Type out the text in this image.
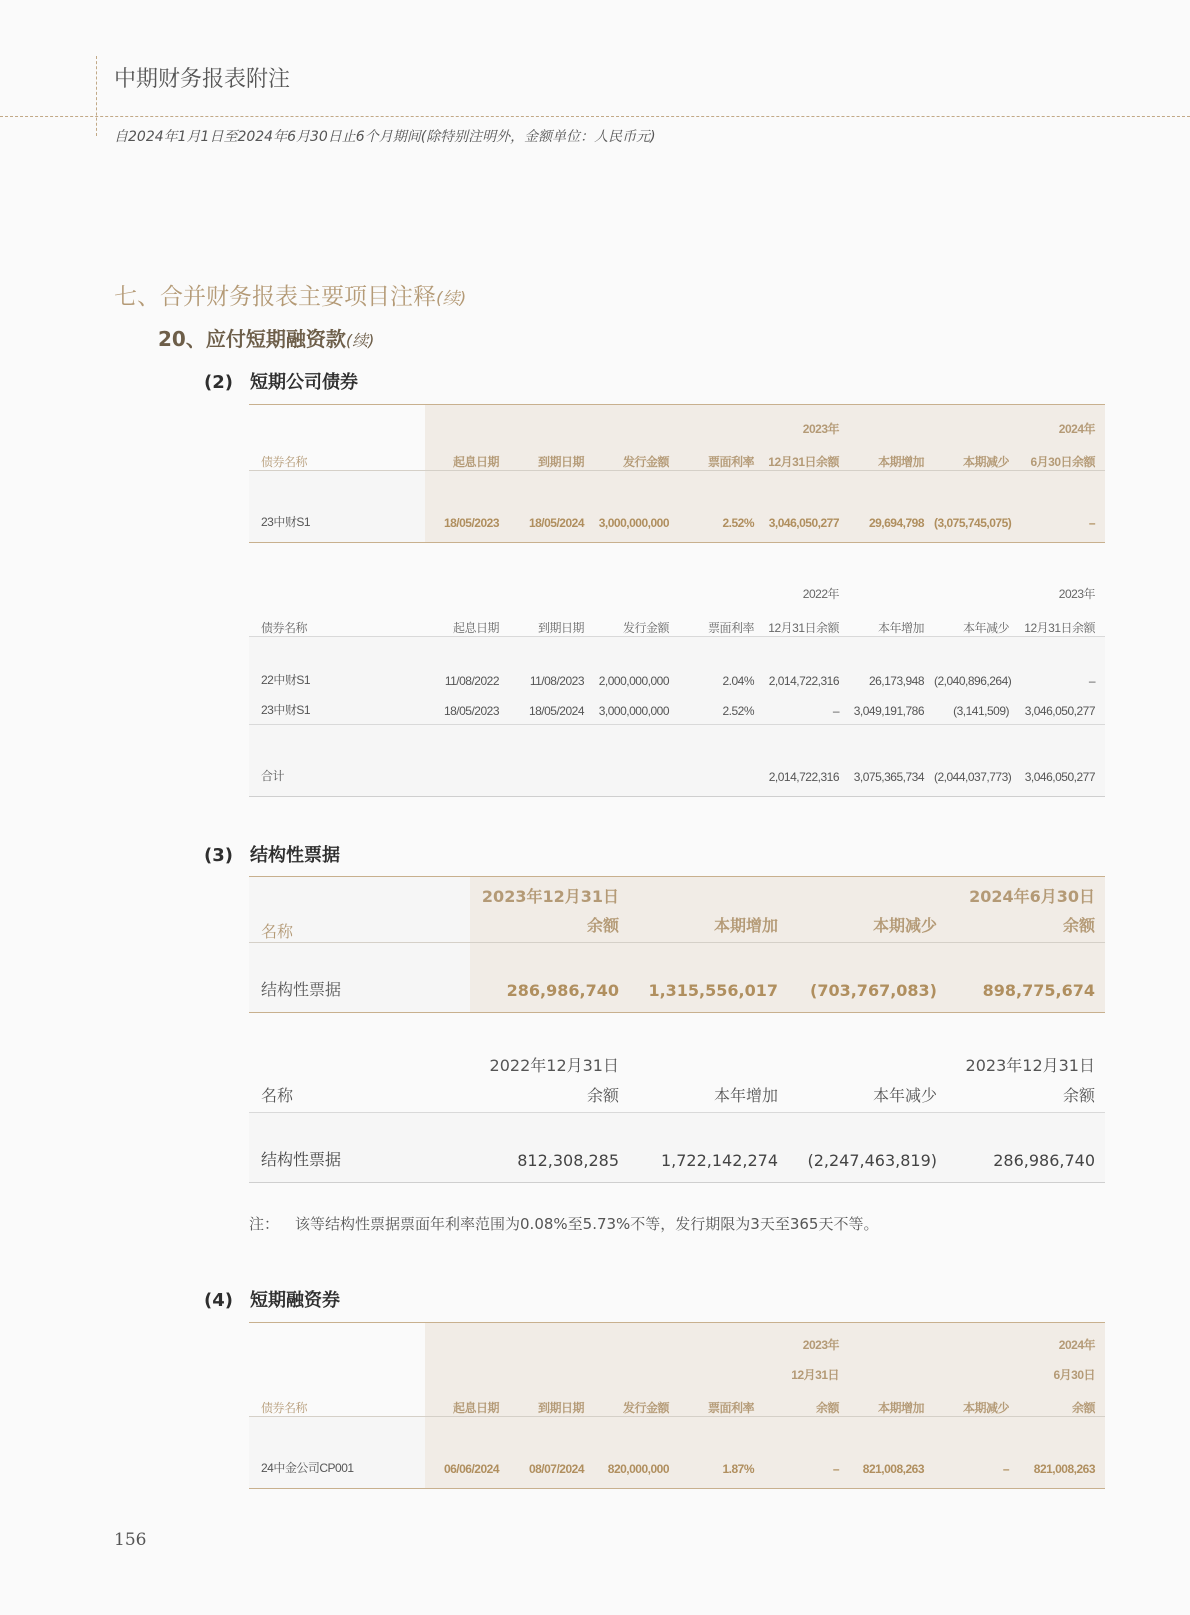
中期财务报表附注
自2024年1月1日至2024年6月30日止6个月期间(除特别注明外，金额单位：人民币元)
七、合并财务报表主要项目注释(续)
20、应付短期融资款(续)
(2) 短期公司债券
					2023年			2024年
债券名称	起息日期	到期日期	发行金额	票面利率	12月31日余额	本期增加	本期减少	6月30日余额
23中财S1	18/05/2023	18/05/2024	3,000,000,000	2.52%	3,046,050,277	29,694,798	(3,075,745,075)	–
					2022年			2023年
债券名称	起息日期	到期日期	发行金额	票面利率	12月31日余额	本年增加	本年减少	12月31日余额
22中财S1	11/08/2022	11/08/2023	2,000,000,000	2.04%	2,014,722,316	26,173,948	(2,040,896,264)	–
23中财S1	18/05/2023	18/05/2024	3,000,000,000	2.52%	–	3,049,191,786	(3,141,509)	3,046,050,277
合计					2,014,722,316	3,075,365,734	(2,044,037,773)	3,046,050,277
(3) 结构性票据
	2023年12月31日			2024年6月30日
名称	余额	本期增加	本期减少	余额
结构性票据	286,986,740	1,315,556,017	(703,767,083)	898,775,674
	2022年12月31日			2023年12月31日
名称	余额	本年增加	本年减少	余额
结构性票据	812,308,285	1,722,142,274	(2,247,463,819)	286,986,740
注： 该等结构性票据票面年利率范围为0.08%至5.73%不等，发行期限为3天至365天不等。
(4) 短期融资券
					2023年			2024年
					12月31日			6月30日
债券名称	起息日期	到期日期	发行金额	票面利率	余额	本期增加	本期减少	余额
24中金公司CP001	06/06/2024	08/07/2024	820,000,000	1.87%	–	821,008,263	–	821,008,263
156
